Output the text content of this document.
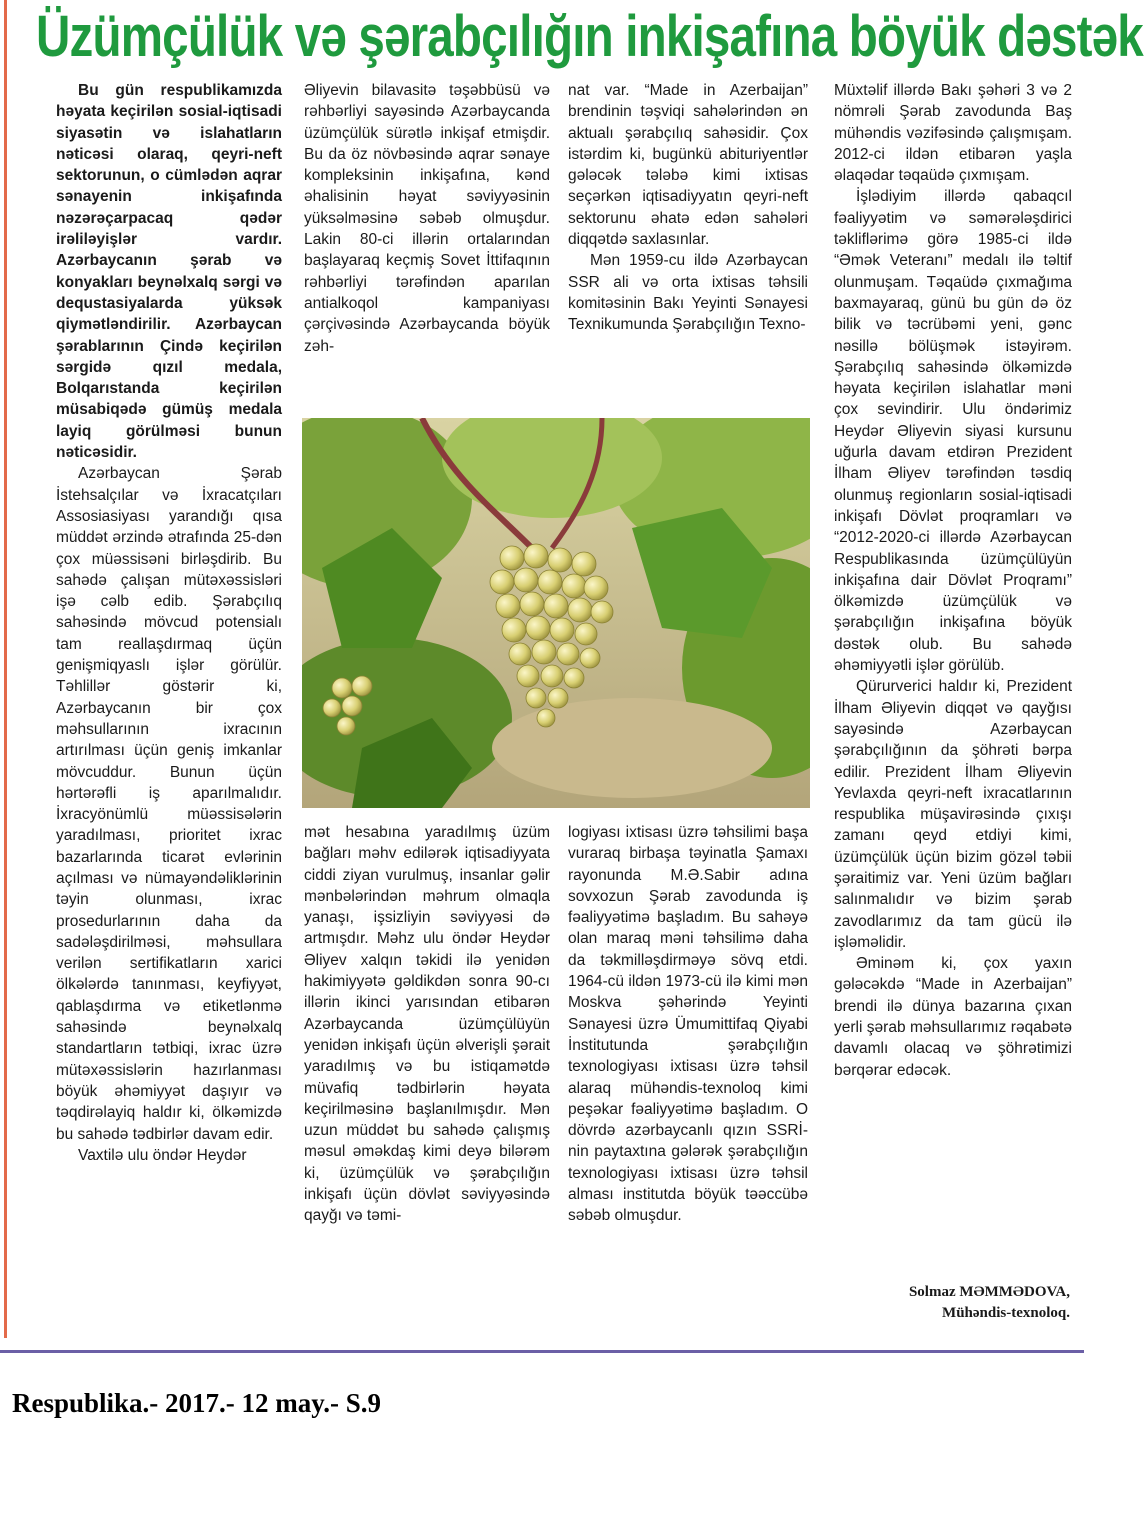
Üzümçülük və şərabçılığın inkişafına böyük dəstək

Bu gün respublikamızda həyata keçirilən sosial-iqtisadi siyasətin və islahatların nəticəsi olaraq, qeyri-neft sektorunun, o cümlədən aqrar sənayenin inkişafında nəzərəçarpacaq qədər irəliləyişlər vardır. Azərbaycanın şərab və konyakları beynəlxalq sərgi və dequstasiyalarda yüksək qiymətləndirilir. Azərbaycan şərablarının Çində keçirilən sərgidə qızıl medala, Bolqarıstanda keçirilən müsabiqədə gümüş medala layiq görülməsi bunun nəticəsidir.

Azərbaycan Şərab İstehsalçılar və İxracatçıları Assosiasiyası yarandığı qısa müddət ərzində ətrafında 25-dən çox müəssisəni birləşdirib. Bu sahədə çalışan mütəxəssisləri işə cəlb edib. Şərabçılıq sahəsində mövcud potensialı tam reallaşdırmaq üçün genişmiqyaslı işlər görülür. Təhlillər göstərir ki, Azərbaycanın bir çox məhsullarının ixracının artırılması üçün geniş imkanlar mövcuddur. Bunun üçün hərtərəfli iş aparılmalıdır. İxracyönümlü müəssisələrin yaradılması, prioritet ixrac bazarlarında ticarət evlərinin açılması və nümayəndəliklərinin təyin olunması, ixrac prosedurlarının daha da sadələşdirilməsi, məhsullara verilən sertifikatların xarici ölkələrdə tanınması, keyfiyyət, qablaşdırma və etiketlənmə sahəsində beynəlxalq standartların tətbiqi, ixrac üzrə mütəxəssislərin hazırlanması böyük əhəmiyyət daşıyır və təqdirəlayiq haldır ki, ölkəmizdə bu sahədə tədbirlər davam edir.

Vaxtilə ulu öndər Heydər

Əliyevin bilavasitə təşəbbüsü və rəhbərliyi sayəsində Azərbaycanda üzümçülük sürətlə inkişaf etmişdir. Bu da öz növbəsində aqrar sənaye kompleksinin inkişafına, kənd əhalisinin həyat səviyyəsinin yüksəlməsinə səbəb olmuşdur. Lakin 80-ci illərin ortalarından başlayaraq keçmiş Sovet İttifaqının rəhbərliyi tərəfindən aparılan antialkoqol kampaniyası çərçivəsində Azərbaycanda böyük zəh-

nat var. “Made in Azerbaijan” brendinin təşviqi sahələrindən ən aktualı şərabçılıq sahəsidir. Çox istərdim ki, bugünkü abituriyentlər gələcək tələbə kimi ixtisas seçərkən iqtisadiyyatın qeyri-neft sektorunu əhatə edən sahələri diqqətdə saxlasınlar.

Mən 1959-cu ildə Azərbaycan SSR ali və orta ixtisas təhsili komitəsinin Bakı Yeyinti Sənayesi Texnikumunda Şərabçılığın Texno-

mət hesabına yaradılmış üzüm bağları məhv edilərək iqtisadiyyata ciddi ziyan vurulmuş, insanlar gəlir mənbələrindən məhrum olmaqla yanaşı, işsizliyin səviyyəsi də artmışdır. Məhz ulu öndər Heydər Əliyev xalqın təkidi ilə yenidən hakimiyyətə gəldikdən sonra 90-cı illərin ikinci yarısından etibarən Azərbaycanda üzümçülüyün yenidən inkişafı üçün əlverişli şərait yaradılmış və bu istiqamətdə müvafiq tədbirlərin həyata keçirilməsinə başlanılmışdır. Mən uzun müddət bu sahədə çalışmış məsul əməkdaş kimi deyə bilərəm ki, üzümçülük və şərabçılığın inkişafı üçün dövlət səviyyəsində qayğı və təmi-

logiyası ixtisası üzrə təhsilimi başa vuraraq birbaşa təyinatla Şamaxı rayonunda M.Ə.Sabir adına sovxozun Şərab zavodunda iş fəaliyyətimə başladım. Bu sahəyə olan maraq məni təhsilimə daha da təkmilləşdirməyə sövq etdi. 1964-cü ildən 1973-cü ilə kimi mən Moskva şəhərində Yeyinti Sənayesi üzrə Ümumittifaq Qiyabi İnstitutunda şərabçılığın texnologiyası ixtisası üzrə təhsil alaraq mühəndis-texnoloq kimi peşəkar fəaliyyətimə başladım. O dövrdə azərbaycanlı qızın SSRİ-nin paytaxtına gələrək şərabçılığın texnologiyası ixtisası üzrə təhsil alması institutda böyük təəccübə səbəb olmuşdur.

Müxtəlif illərdə Bakı şəhəri 3 və 2 nömrəli Şərab zavodunda Baş mühəndis vəzifəsində çalışmışam. 2012-ci ildən etibarən yaşla əlaqədar təqaüdə çıxmışam.

İşlədiyim illərdə qabaqcıl fəaliyyətim və səmərələşdirici təkliflərimə görə 1985-ci ildə “Əmək Veteranı” medalı ilə təltif olunmuşam. Təqaüdə çıxmağıma baxmayaraq, günü bu gün də öz bilik və təcrübəmi yeni, gənc nəsillə bölüşmək istəyirəm. Şərabçılıq sahəsində ölkəmizdə həyata keçirilən islahatlar məni çox sevindirir. Ulu öndərimiz Heydər Əliyevin siyasi kursunu uğurla davam etdirən Prezident İlham Əliyev tərəfindən təsdiq olunmuş regionların sosial-iqtisadi inkişafı Dövlət proqramları və “2012-2020-ci illərdə Azərbaycan Respublikasında üzümçülüyün inkişafına dair Dövlət Proqramı” ölkəmizdə üzümçülük və şərabçılığın inkişafına böyük dəstək olub. Bu sahədə əhəmiyyətli işlər görülüb.

Qürurverici haldır ki, Prezident İlham Əliyevin diqqət və qayğısı sayəsində Azərbaycan şərabçılığının da şöhrəti bərpa edilir. Prezident İlham Əliyevin Yevlaxda qeyri-neft ixracatlarının respublika müşavirəsində çıxışı zamanı qeyd etdiyi kimi, üzümçülük üçün bizim gözəl təbii şəraitimiz var. Yeni üzüm bağları salınmalıdır və bizim şərab zavodlarımız da tam gücü ilə işləməlidir.

Əminəm ki, çox yaxın gələcəkdə “Made in Azerbaijan” brendi ilə dünya bazarına çıxan yerli şərab məhsullarımız rəqabətə davamlı olacaq və şöhrətimizi bərqərar edəcək.

Solmaz MƏMMƏDOVA,
Mühəndis-texnoloq.
Respublika.- 2017.- 12 may.- S.9
